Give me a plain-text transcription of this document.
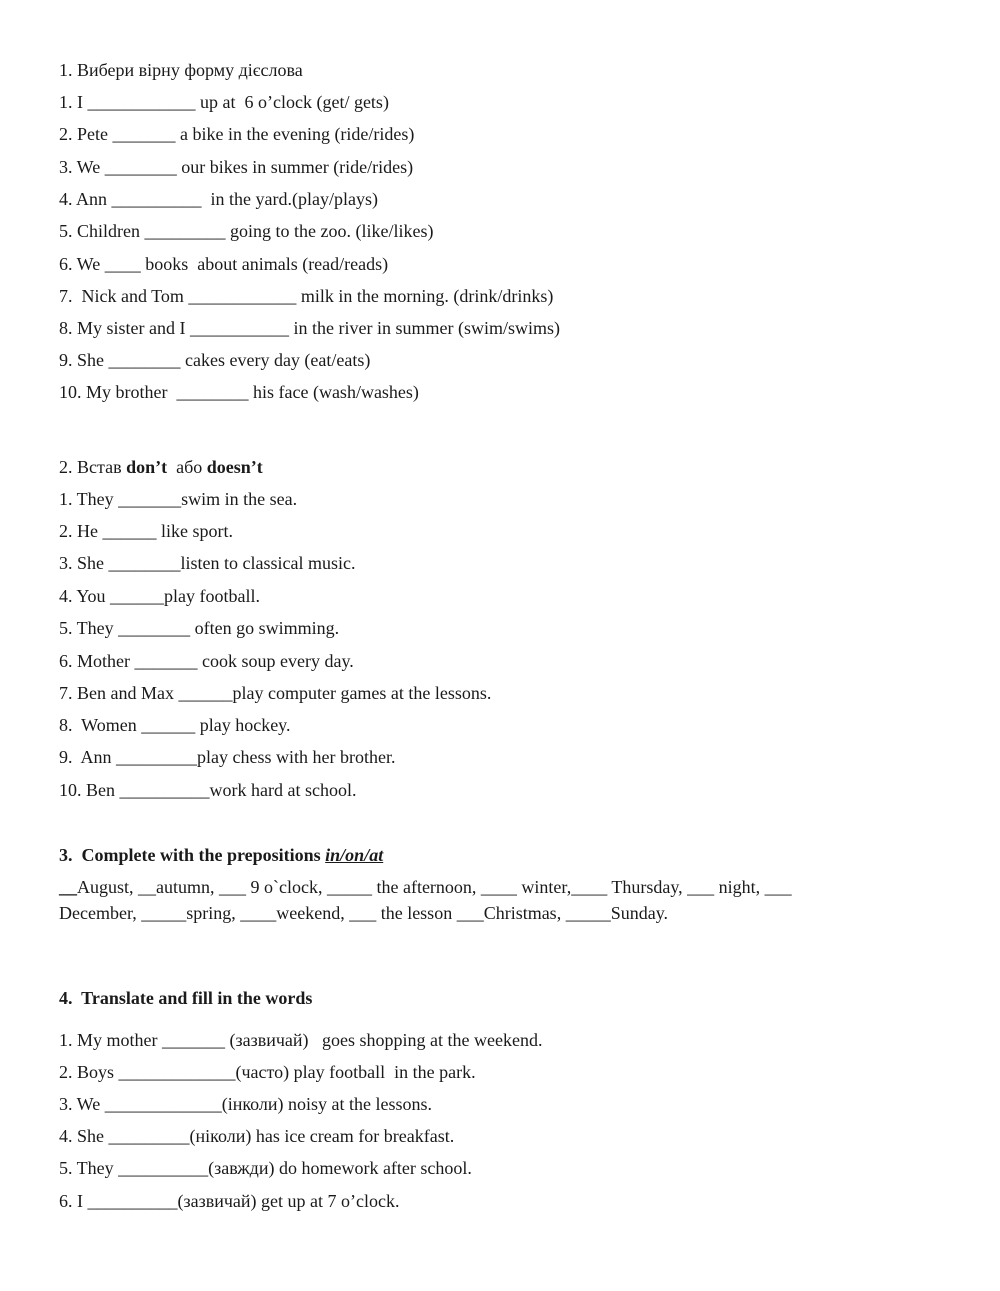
1. Вибери вірну форму дієслова
1. I ____________ up at  6 o’clock (get/ gets)
2. Pete _______ a bike in the evening (ride/rides)
3. We ________ our bikes in summer (ride/rides)
4. Ann __________  in the yard.(play/plays)
5. Children _________ going to the zoo. (like/likes)
6. We ____ books  about animals (read/reads)
7.  Nick and Tom ____________ milk in the morning. (drink/drinks)
8. My sister and I ___________ in the river in summer (swim/swims)
9. She ________ cakes every day (eat/eats)
10. My brother  ________ his face (wash/washes)
2. Встав don’t  або doesn’t
1. They _______swim in the sea.
2. He ______ like sport.
3. She ________listen to classical music.
4. You ______play football.
5. They ________ often go swimming.
6. Mother _______ cook soup every day.
7. Ben and Max ______play computer games at the lessons.
8.  Women ______ play hockey.
9.  Ann _________play chess with her brother.
10. Ben __________work hard at school.
3.  Complete with the prepositions in/on/at
__August, __autumn, ___ 9 o`clock, _____ the afternoon, ____ winter,____ Thursday, ___ night, ___
December, _____spring, ____weekend, ___ the lesson ___Christmas, _____Sunday.
4.  Translate and fill in the words
1. My mother _______ (зазвичай)   goes shopping at the weekend.
2. Boys _____________(часто) play football  in the park.
3. We _____________(інколи) noisy at the lessons.
4. She _________(ніколи) has ice cream for breakfast.
5. They __________(завжди) do homework after school.
6. I __________(зазвичай) get up at 7 o’clock.
